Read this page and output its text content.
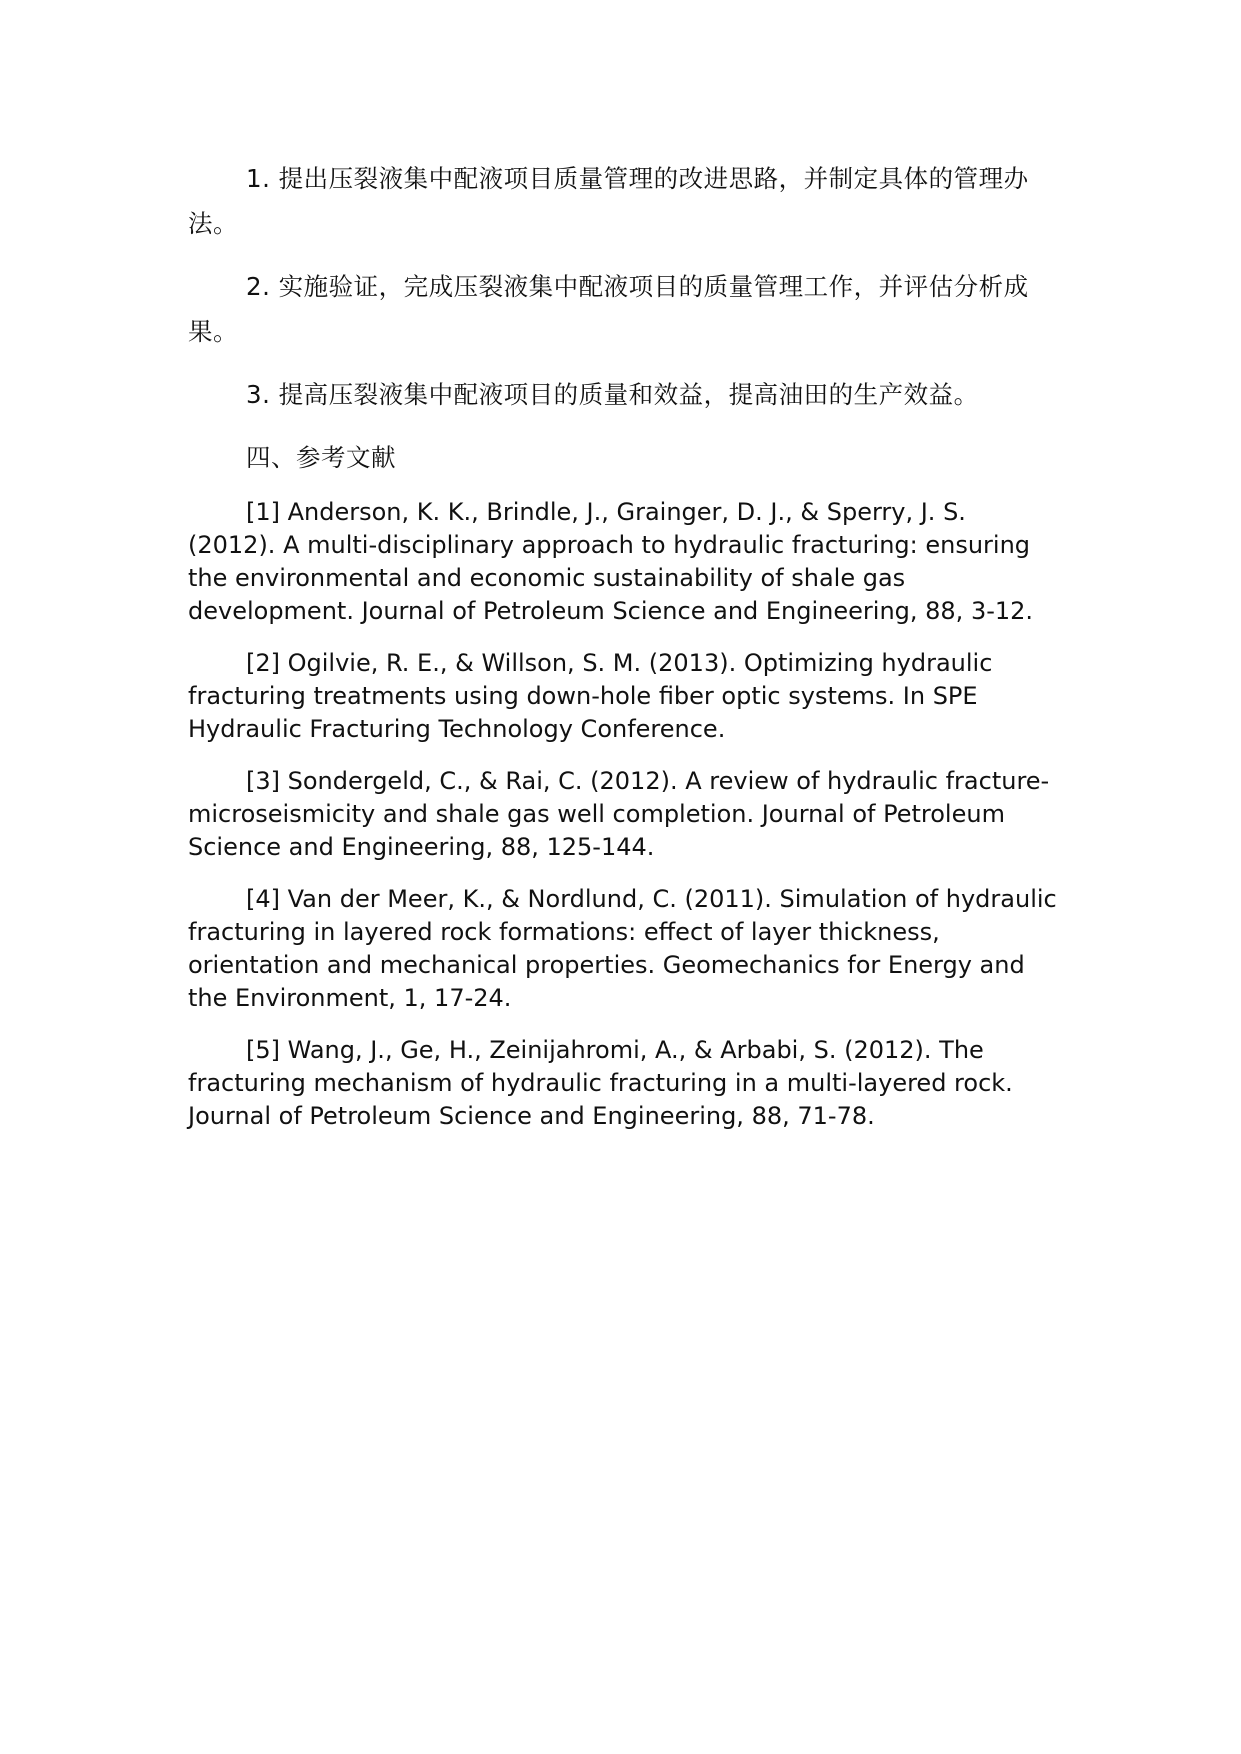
1. 提出压裂液集中配液项目质量管理的改进思路，并制定具体的管理办法。

2. 实施验证，完成压裂液集中配液项目的质量管理工作，并评估分析成果。

3. 提高压裂液集中配液项目的质量和效益，提高油田的生产效益。

四、参考文献

[1] Anderson, K. K., Brindle, J., Grainger, D. J., & Sperry, J. S. (2012). A multi-disciplinary approach to hydraulic fracturing: ensuring the environmental and economic sustainability of shale gas development. Journal of Petroleum Science and Engineering, 88, 3-12.

[2] Ogilvie, R. E., & Willson, S. M. (2013). Optimizing hydraulic fracturing treatments using down-hole fiber optic systems. In SPE Hydraulic Fracturing Technology Conference.

[3] Sondergeld, C., & Rai, C. (2012). A review of hydraulic fracture-microseismicity and shale gas well completion. Journal of Petroleum Science and Engineering, 88, 125-144.

[4] Van der Meer, K., & Nordlund, C. (2011). Simulation of hydraulic fracturing in layered rock formations: effect of layer thickness, orientation and mechanical properties. Geomechanics for Energy and the Environment, 1, 17-24.

[5] Wang, J., Ge, H., Zeinijahromi, A., & Arbabi, S. (2012). The fracturing mechanism of hydraulic fracturing in a multi-layered rock. Journal of Petroleum Science and Engineering, 88, 71-78.
